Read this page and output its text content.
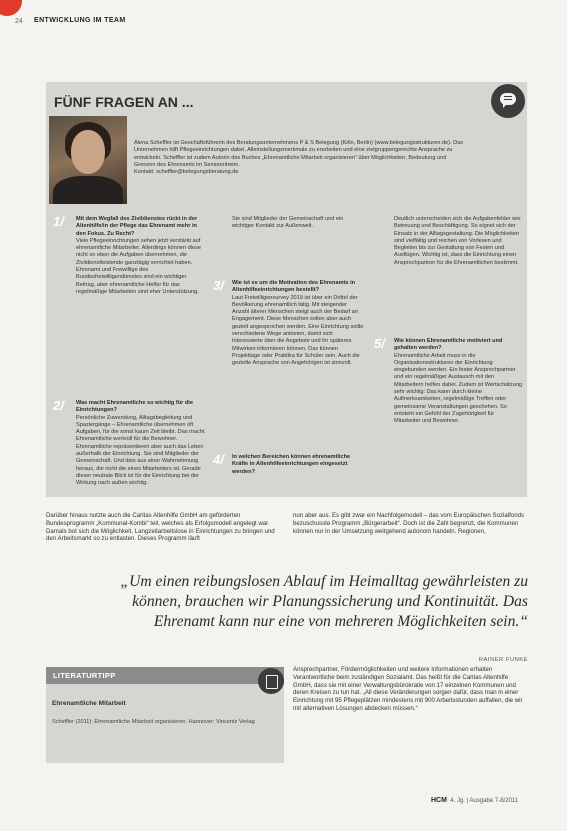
24 ENTWICKLUNG IM TEAM
FÜNF FRAGEN AN ...
Alena Scheffler ist Geschäftsführerin des Beratungsunternehmens P & S Belegung (Köln, Berlin) (www.belegungsstrukturen.de). Das Unternehmen hilft Pflegeeinrichtungen dabei, Alleinstellungsmerkmale zu erarbeiten und eine zielgruppengerechte Ansprache zu entwickeln. Scheffler ist zudem Autorin des Buches „Ehrenamtliche Mitarbeit organisieren“ über Möglichkeiten, Bedeutung und Grenzen des Ehrenamts im Seniorenheim.
Kontakt: scheffler@belegungsberatung.de
1/ Mit dem Wegfall des Zivildienstes rückt in der Altenhilfe/in der Pflege das Ehrenamt mehr in den Fokus. Zu Recht?
Viele Pflegeeinrichtungen sehen jetzt verstärkt auf ehrenamtliche Mitarbeiter. Allerdings können diese nicht so eben die Aufgaben übernehmen, die Zivildienstleistende ganztägig verrichtet haben. Ehrenamt und Freiwillige des Bundesfreiwilligendienstes sind ein wichtiger Beitrag, aber ehrenamtliche Helfer für das regelmäßige Mitarbeiten sind eher Unterstützung.
2/ Was macht Ehrenamtliche so wichtig für die Einrichtungen?
Persönliche Zuwendung, Alltagsbegleitung und Spaziergänge – Ehrenamtliche übernehmen oft Aufgaben, für die sonst kaum Zeit bleibt. Das macht Ehrenamtliche wertvoll für die Bewohner. Ehrenamtliche repräsentieren aber auch das Leben außerhalb der Einrichtung. Sie sind Mitglieder der Gemeinschaft. Und dies aus einer Wahrnehmung heraus, die nicht die eines Mitarbeiters ist. Gerade dieser neutrale Blick ist für die Einrichtung bei der Wirkung nach außen wichtig.
Sie sind Mitglieder der Gemeinschaft und ein wichtiger Kontakt zur Außenwelt.
3/ Wie ist es um die Motivation des Ehrenamts in Altenhilfeeinrichtungen bestellt?
Laut Freiwilligensurvey 2019 ist über ein Drittel der Bevölkerung ehrenamtlich tätig. Mit steigender Anzahl älterer Menschen steigt auch der Bedarf an Engagement. Diese Menschen sollen aber auch gezielt angesprochen werden. Eine Einrichtung sollte verschiedene Wege anbieten, damit sich Interessierte über die Angebote und ihr späteres Mitwirken informieren können. Das können Projekttage oder Praktika für Schüler sein. Auch die gezielte Ansprache von Angehörigen ist sinnvoll.
4/ In welchen Bereichen können ehrenamtliche Kräfte in Altenhilfeeinrichtungen eingesetzt werden?
Deutlich unterscheiden sich die Aufgabenfelder wie Betreuung und Beschäftigung. So eignet sich der Einsatz in der Alltagsgestaltung. Die Möglichkeiten sind vielfältig und reichen von Vorlesen und Begleiten bis zur Gestaltung von Festen und Ausflügen. Wichtig ist, dass die Einrichtung einen Ansprechpartner für die Ehrenamtlichen bestimmt.
5/ Wie können Ehrenamtliche motiviert und gehalten werden?
Ehrenamtliche Arbeit muss in die Organisationsstrukturen der Einrichtung eingebunden werden. Ein fester Ansprechpartner und ein regelmäßiger Austausch mit den Mitarbeitern helfen dabei. Zudem ist Wertschätzung sehr wichtig: Das kann durch kleine Aufmerksamkeiten, regelmäßige Treffen oder gemeinsame Veranstaltungen geschehen. So entsteht ein Gefühl der Zugehörigkeit für Mitarbeiter und Bewohner.
Darüber hinaus nutzte auch die Caritas Altenhilfe GmbH am geförderten Bundesprogramm „Kommunal-Kombi“ teil, welches als Erfolgsmodell angelegt war. Damals bot sich die Möglichkeit, Langzeitarbeitslose in Einrichtungen zu bringen und den Arbeitsmarkt so zu entlasten. Dieses Programm läuft
nun aber aus. Es gibt zwar ein Nachfolgemodell – das vom Europäischen Sozialfonds bezuschusste Programm „Bürgerarbeit“. Doch ist die Zahl begrenzt, die Kommunen können nur in der Umsetzung weitgehend autonom handeln. Regionen,
„Um einen reibungslosen Ablauf im Heimalltag gewährleisten zu können, brauchen wir Planungssicherung und Kontinuität. Das Ehrenamt kann nur eine von mehreren Möglichkeiten sein.“
RAINER FUNKE
LITERATURTIPP
Ehrenamtliche Mitarbeit
Scheffler (2011): Ehrenamtliche Mitarbeit organisieren. Hannover: Vincentz Verlag
Ansprechpartner, Fördermöglichkeiten und weitere Informationen erhalten Verantwortliche beim zuständigen Sozialamt. Das heißt für die Caritas Altenhilfe GmbH, dass sie mit einer Verwaltungsbürokratie von 17 einzelnen Kommunen und deren Kreisen zu tun hat. „All diese Veränderungen sorgen dafür, dass man in einer Einrichtung mit 95 Pflegeplätzen mindestens mit 900 Arbeitsstunden auffallen, die wir mit alternativen Lösungen abdecken müssen.“
HCM 4. Jg. | Ausgabe 7-8/2011
